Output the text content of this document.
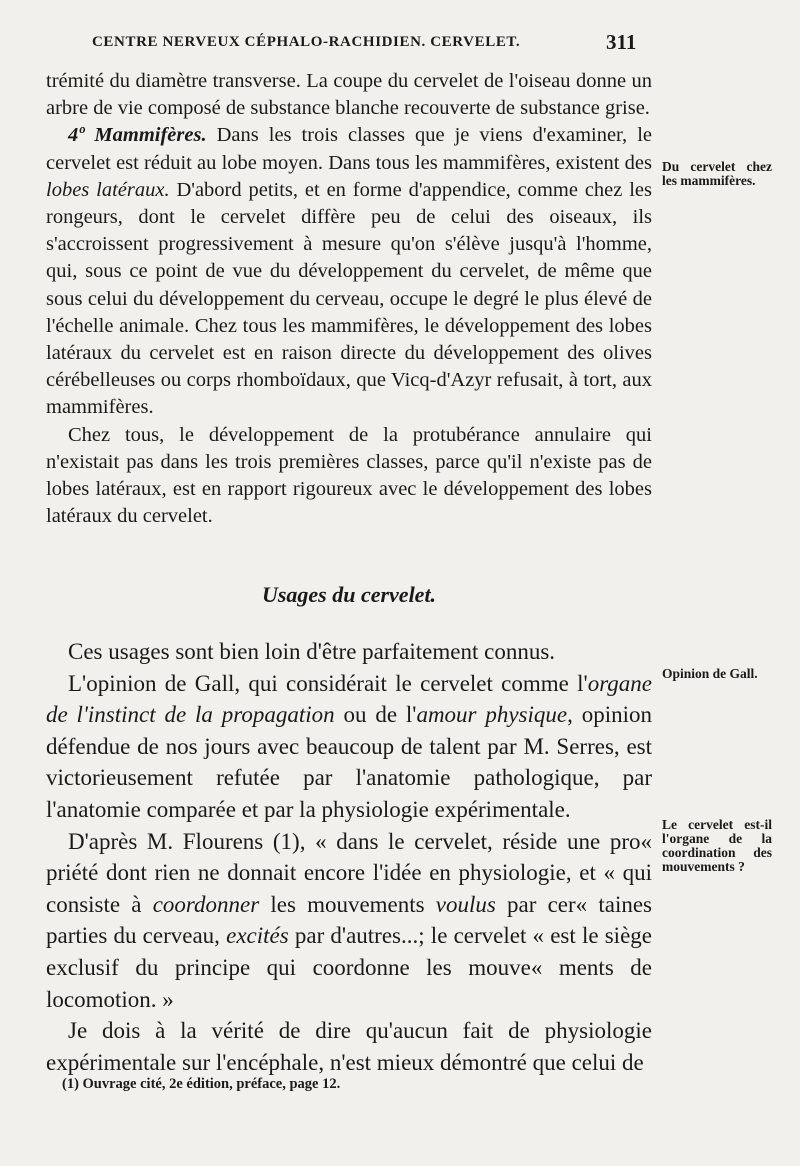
CENTRE NERVEUX CÉPHALO-RACHIDIEN. CERVELET.	311

trémité du diamètre transverse. La coupe du cervelet de l'oiseau donne un arbre de vie composé de substance blanche recouverte de substance grise.

4º Mammifères. Dans les trois classes que je viens d'examiner, le cervelet est réduit au lobe moyen. Dans tous les mammifères, existent des lobes latéraux. D'abord petits, et en forme d'appendice, comme chez les rongeurs, dont le cervelet diffère peu de celui des oiseaux, ils s'accroissent progressivement à mesure qu'on s'élève jusqu'à l'homme, qui, sous ce point de vue du développement du cervelet, de même que sous celui du développement du cerveau, occupe le degré le plus élevé de l'échelle animale. Chez tous les mammifères, le développement des lobes latéraux du cervelet est en raison directe du développement des olives cérébelleuses ou corps rhomboïdaux, que Vicq-d'Azyr refusait, à tort, aux mammifères.

Chez tous, le développement de la protubérance annulaire qui n'existait pas dans les trois premières classes, parce qu'il n'existe pas de lobes latéraux, est en rapport rigoureux avec le développement des lobes latéraux du cervelet.

Usages du cervelet.

Ces usages sont bien loin d'être parfaitement connus.

L'opinion de Gall, qui considérait le cervelet comme l'organe de l'instinct de la propagation ou de l'amour physique, opinion défendue de nos jours avec beaucoup de talent par M. Serres, est victorieusement refutée par l'anatomie pathologique, par l'anatomie comparée et par la physiologie expérimentale.

D'après M. Flourens (1), « dans le cervelet, réside une pro« priété dont rien ne donnait encore l'idée en physiologie, et « qui consiste à coordonner les mouvements voulus par cer« taines parties du cerveau, excités par d'autres...; le cervelet « est le siège exclusif du principe qui coordonne les mouve« ments de locomotion. »

Je dois à la vérité de dire qu'aucun fait de physiologie expérimentale sur l'encéphale, n'est mieux démontré que celui de

Du cervelet chez les mammifères.
Opinion de Gall.
Le cervelet est-il l'organe de la coordination des mouvements ?
(1) Ouvrage cité, 2e édition, préface, page 12.
